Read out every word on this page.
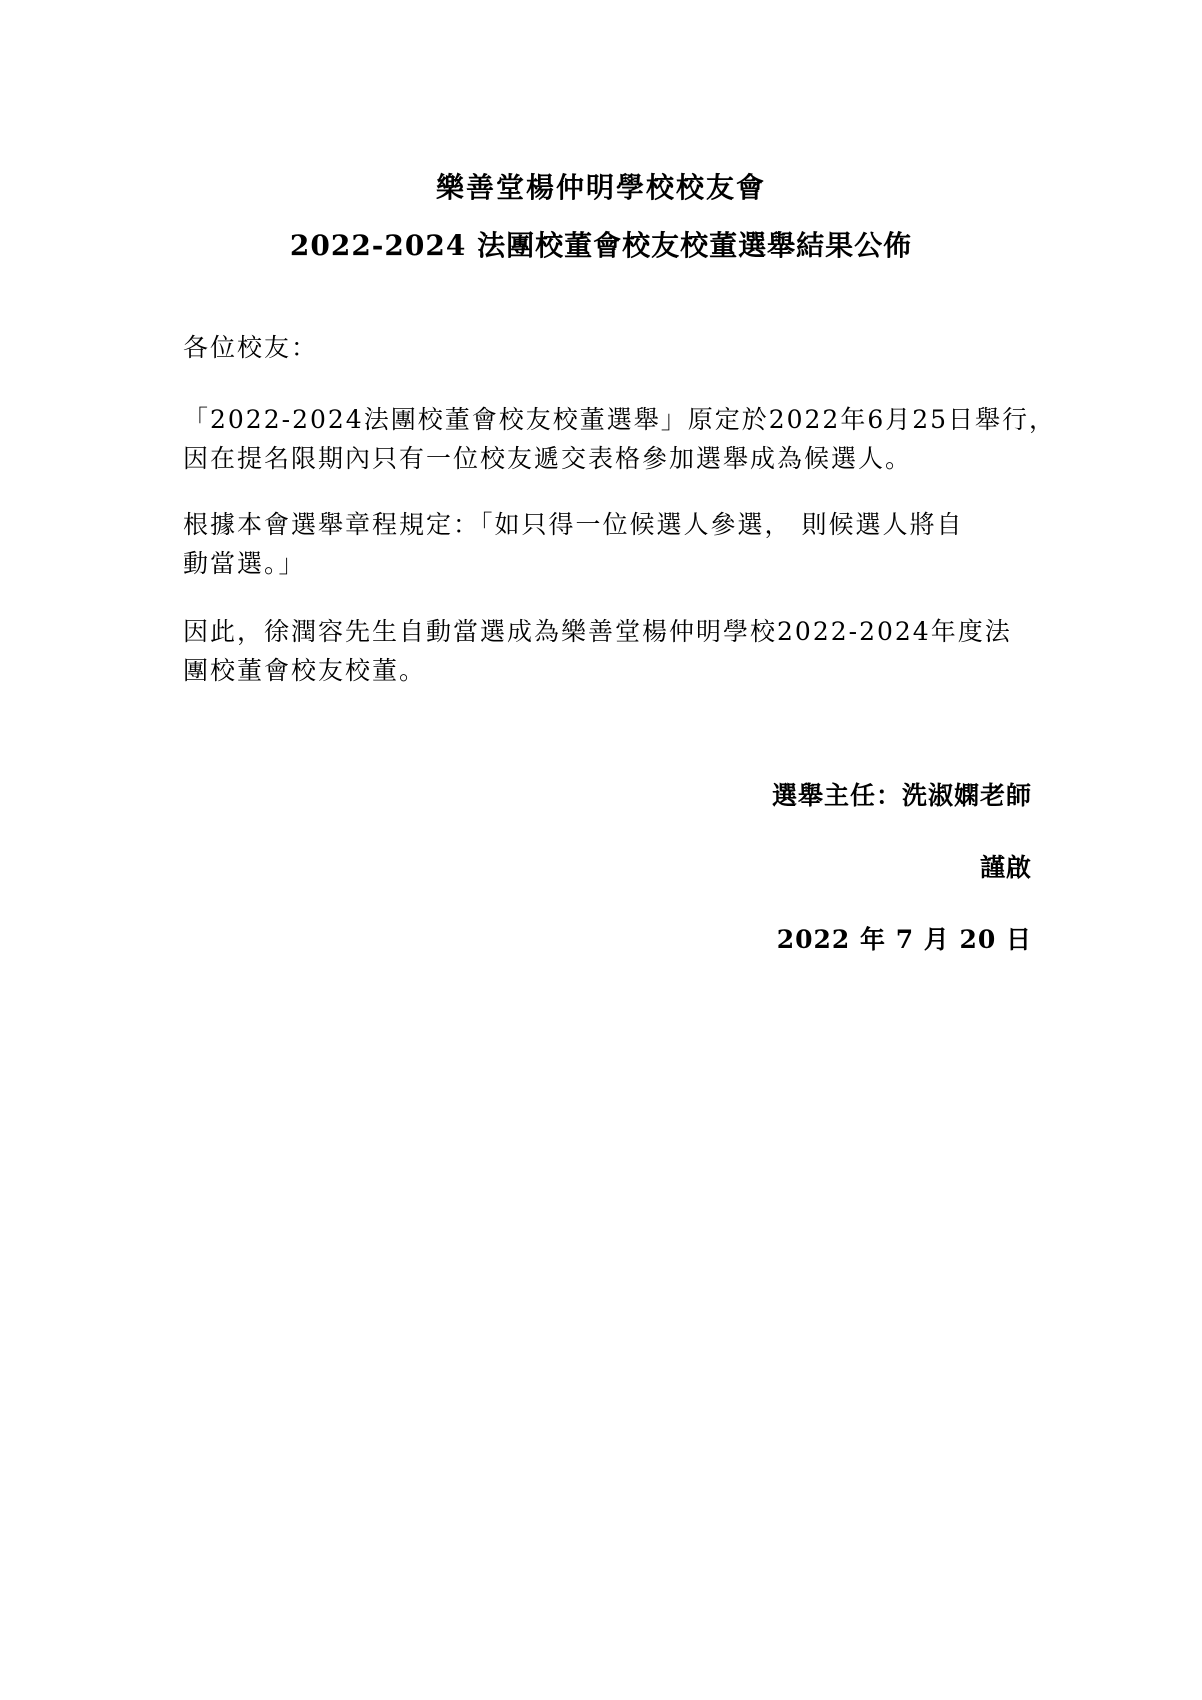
樂善堂楊仲明學校校友會
2022-2024 法團校董會校友校董選舉結果公佈
各位校友：
「2022-2024法團校董會校友校董選舉」原定於2022年6月25日舉行，
因在提名限期內只有一位校友遞交表格參加選舉成為候選人。
根據本會選舉章程規定：「如只得一位候選人參選， 則候選人將自
動當選。」
因此，徐潤容先生自動當選成為樂善堂楊仲明學校2022-2024年度法
團校董會校友校董。
選舉主任：洗淑嫻老師
謹啟
2022 年 7 月 20 日
